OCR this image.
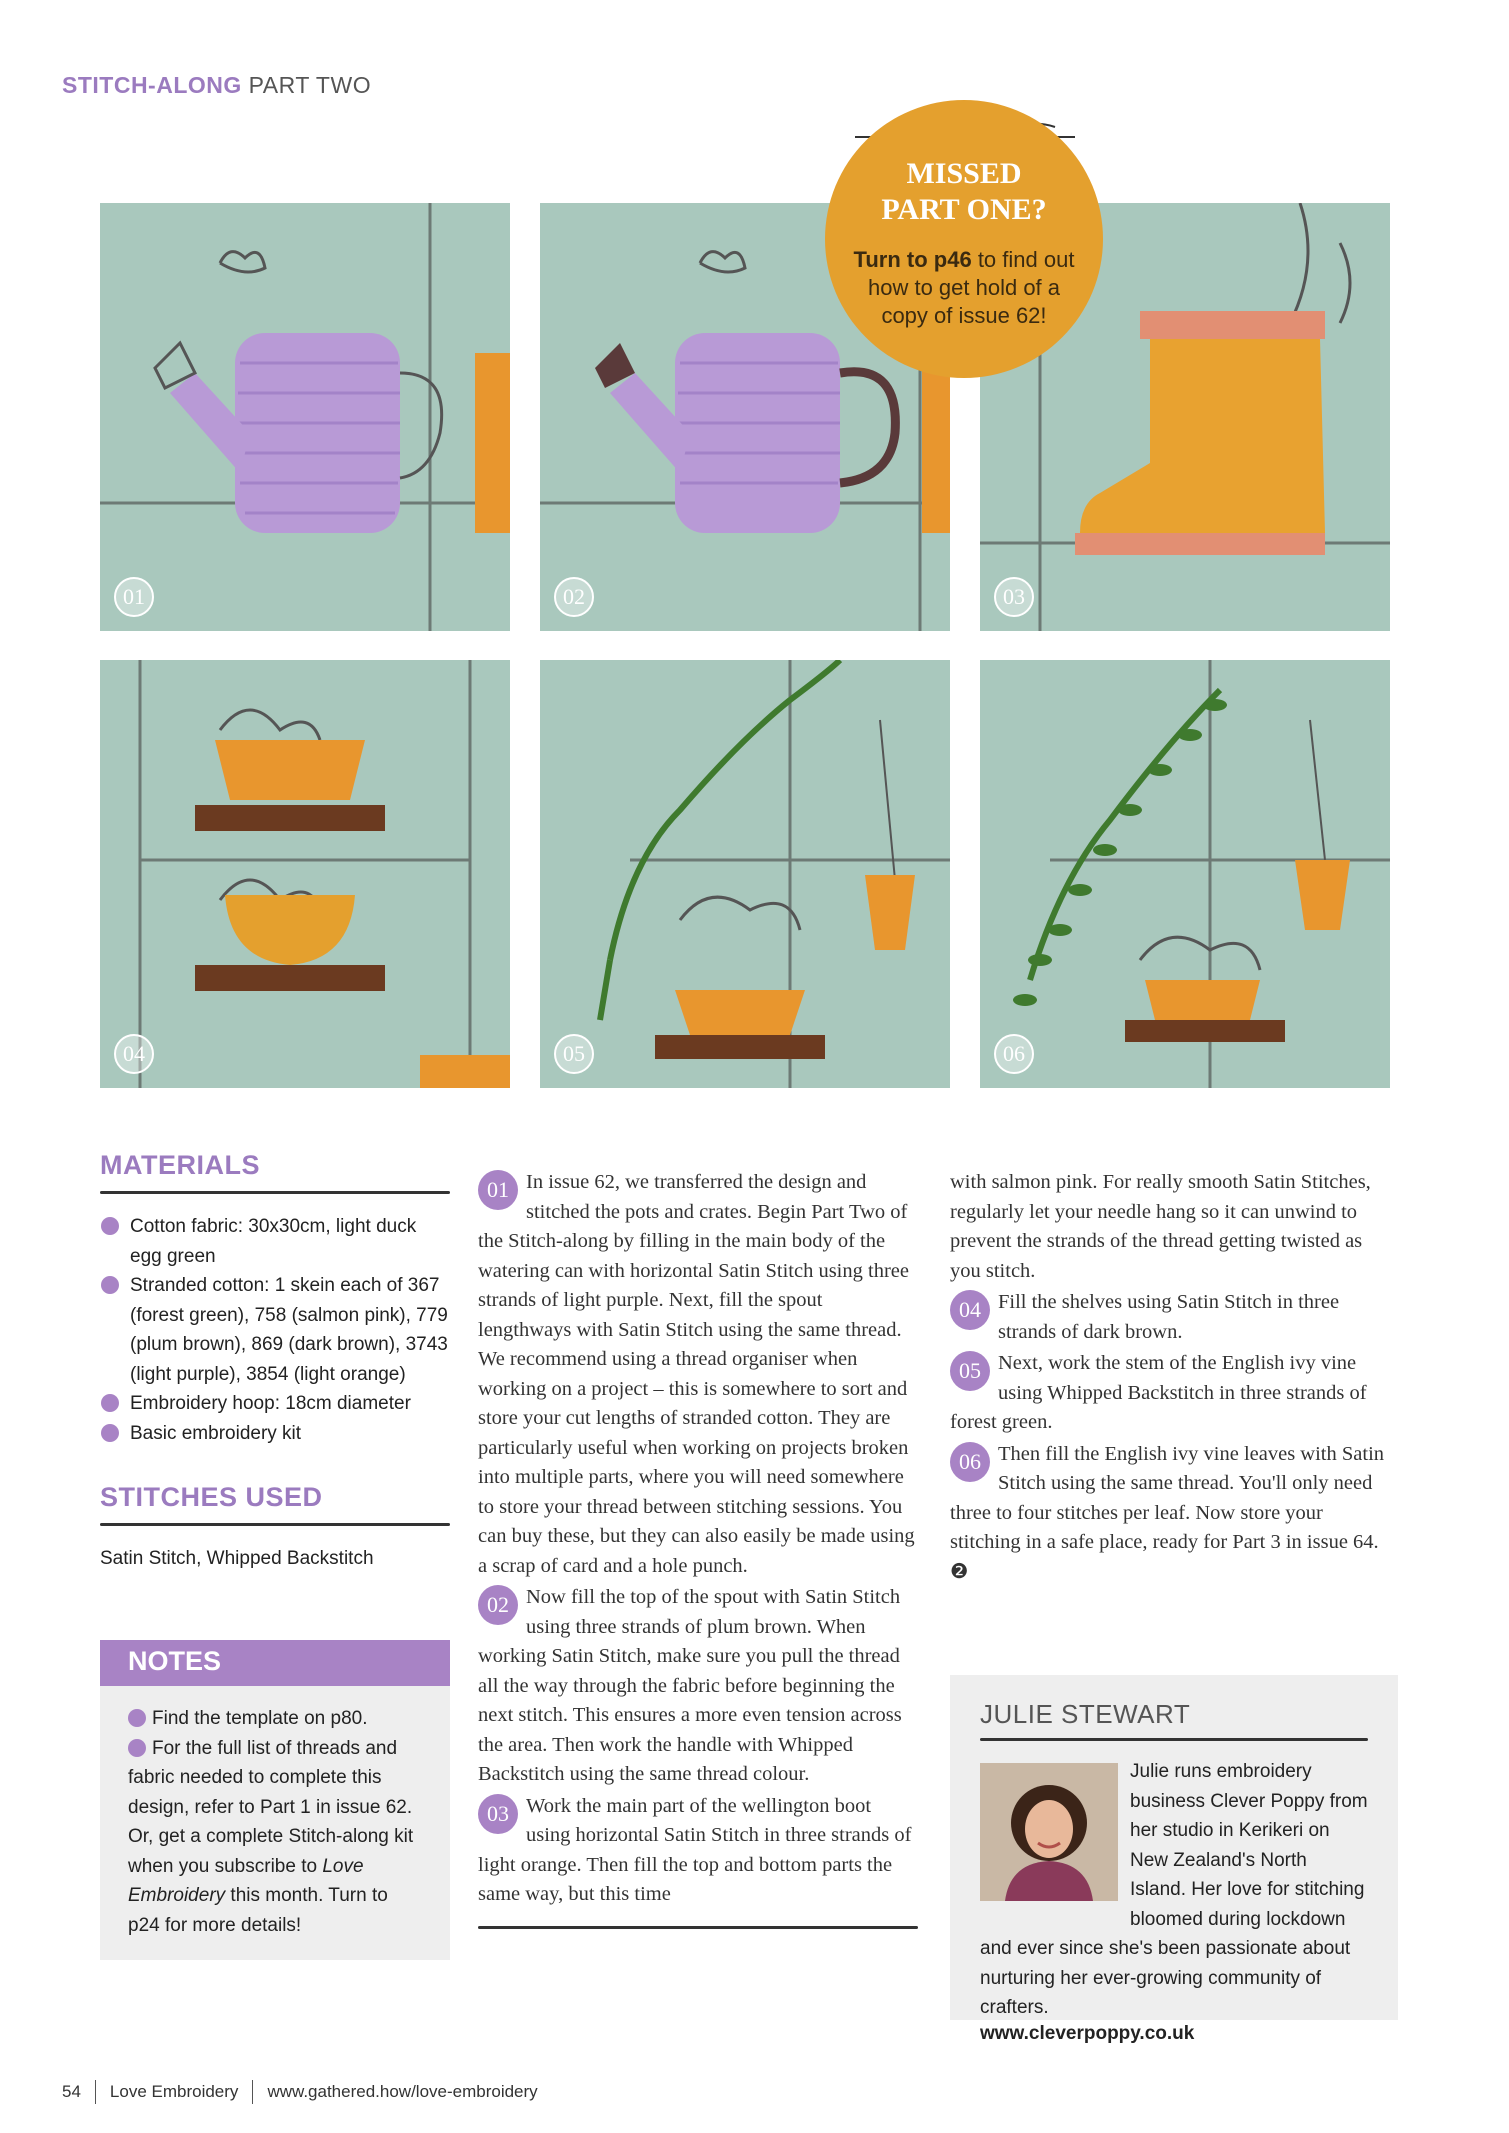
STITCH-ALONG PART TWO
01	02	03
04	05	06
MISSED
PART ONE?
Turn to p46 to find out how to get hold of a copy of issue 62!
MATERIALS
Cotton fabric: 30x30cm, light duck egg green
Stranded cotton: 1 skein each of 367 (forest green), 758 (salmon pink), 779 (plum brown), 869 (dark brown), 3743 (light purple), 3854 (light orange)
Embroidery hoop: 18cm diameter
Basic embroidery kit
STITCHES USED
Satin Stitch, Whipped Backstitch
NOTES
Find the template on p80.
For the full list of threads and fabric needed to complete this design, refer to Part 1 in issue 62. Or, get a complete Stitch-along kit when you subscribe to Love Embroidery this month. Turn to p24 for more details!

01 In issue 62, we transferred the design and stitched the pots and crates. Begin Part Two of the Stitch-along by filling in the main body of the watering can with horizontal Satin Stitch using three strands of light purple. Next, fill the spout lengthways with Satin Stitch using the same thread. We recommend using a thread organiser when working on a project – this is somewhere to sort and store your cut lengths of stranded cotton. They are particularly useful when working on projects broken into multiple parts, where you will need somewhere to store your thread between stitching sessions. You can buy these, but they can also easily be made using a scrap of card and a hole punch.

02 Now fill the top of the spout with Satin Stitch using three strands of plum brown. When working Satin Stitch, make sure you pull the thread all the way through the fabric before beginning the next stitch. This ensures a more even tension across the area. Then work the handle with Whipped Backstitch using the same thread colour.

03 Work the main part of the wellington boot using horizontal Satin Stitch in three strands of light orange. Then fill the top and bottom parts the same way, but this time

with salmon pink. For really smooth Satin Stitches, regularly let your needle hang so it can unwind to prevent the strands of the thread getting twisted as you stitch.

04 Fill the shelves using Satin Stitch in three strands of dark brown.

05 Next, work the stem of the English ivy vine using Whipped Backstitch in three strands of forest green.

06 Then fill the English ivy vine leaves with Satin Stitch using the same thread. You'll only need three to four stitches per leaf. Now store your stitching in a safe place, ready for Part 3 in issue 64. ❷

JULIE STEWART
Julie runs embroidery business Clever Poppy from her studio in Kerikeri on New Zealand's North Island. Her love for stitching bloomed during lockdown and ever since she's been passionate about nurturing her ever-growing community of crafters.
www.cleverpoppy.co.uk
54 Love Embroidery www.gathered.how/love-embroidery
